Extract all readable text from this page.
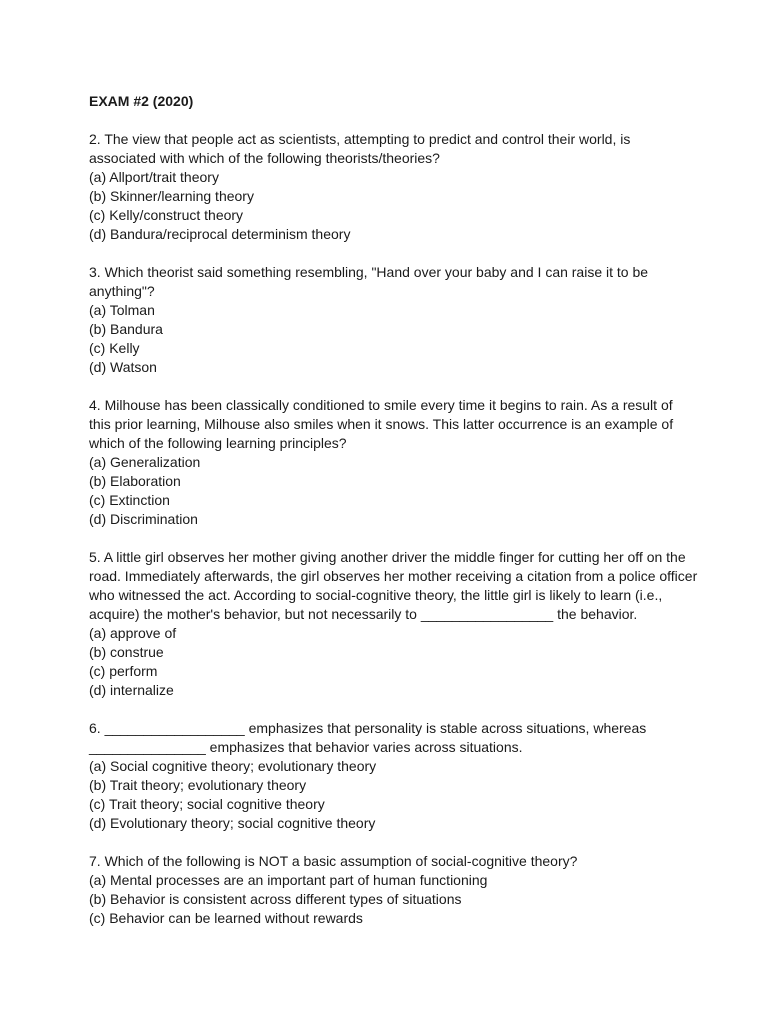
EXAM #2 (2020)

2. The view that people act as scientists, attempting to predict and control their world, is associated with which of the following theorists/theories?

(a) Allport/trait theory
(b) Skinner/learning theory
(c) Kelly/construct theory
(d) Bandura/reciprocal determinism theory

3. Which theorist said something resembling, "Hand over your baby and I can raise it to be anything"?

(a) Tolman
(b) Bandura
(c) Kelly
(d) Watson

4. Milhouse has been classically conditioned to smile every time it begins to rain. As a result of this prior learning, Milhouse also smiles when it snows. This latter occurrence is an example of which of the following learning principles?

(a) Generalization
(b) Elaboration
(c) Extinction
(d) Discrimination

5. A little girl observes her mother giving another driver the middle finger for cutting her off on the road. Immediately afterwards, the girl observes her mother receiving a citation from a police officer who witnessed the act. According to social-cognitive theory, the little girl is likely to learn (i.e., acquire) the mother's behavior, but not necessarily to _________________ the behavior.

(a) approve of
(b) construe
(c) perform
(d) internalize

6. __________________ emphasizes that personality is stable across situations, whereas _______________ emphasizes that behavior varies across situations.

(a) Social cognitive theory; evolutionary theory
(b) Trait theory; evolutionary theory
(c) Trait theory; social cognitive theory
(d) Evolutionary theory; social cognitive theory

7. Which of the following is NOT a basic assumption of social-cognitive theory?

(a) Mental processes are an important part of human functioning
(b) Behavior is consistent across different types of situations
(c) Behavior can be learned without rewards
